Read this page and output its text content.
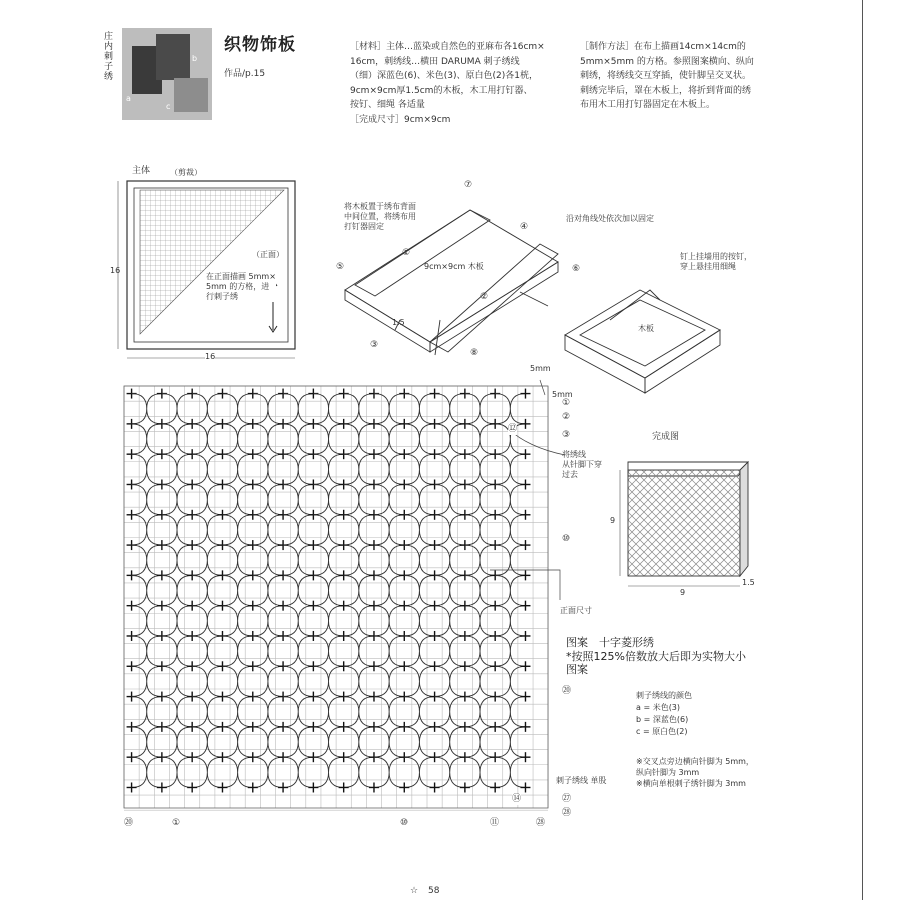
庄内刺子绣
a
b
c
织物饰板
作品/p.15
［材料］主体…蓝染或自然色的亚麻布各16cm×
16cm，刺绣线…横田 DARUMA 刺子绣线
（细）深蓝色(6)、米色(3)、原白色(2)各1桄，
9cm×9cm厚1.5cm的木板，木工用打钉器、
按钉、细绳 各适量
［完成尺寸］9cm×9cm
［制作方法］在布上描画14cm×14cm的
5mm×5mm 的方格。参照图案横向、纵向
刺绣，将绣线交互穿插，使针脚呈交叉状。
刺绣完毕后，罩在木板上，将折到背面的绣
布用木工用打钉器固定在木板上。
主体 （剪裁）
（正面）
在正面描画 5mm×
5mm 的方格，进
行刺子绣
16
16
将木板置于绣布背面
中间位置，将绣布用
打钉器固定
9cm×9cm 木板
1.5
①
②
③
④
⑤	⑥
⑦
⑧
沿对角线处依次加以固定
钉上挂墙用的按钉，
穿上悬挂用细绳
木板
5mm
5mm
①
②
③
⑩
⑳
㉗
㉘
⑳	①	⑩	⑪	㉘
⑫
⑭
将绣线
从针脚下穿
过去
正面尺寸
刺子绣线 单股
图案　十字菱形绣
*按照125%倍数放大后即为实物大小
图案
完成图
9
9
1.5
刺子绣线的颜色
a = 米色(3)
b = 深蓝色(6)
c = 原白色(2)
※交叉点旁边横向针脚为 5mm，
纵向针脚为 3mm
※横向单根刺子绣针脚为 3mm
☆ 58
